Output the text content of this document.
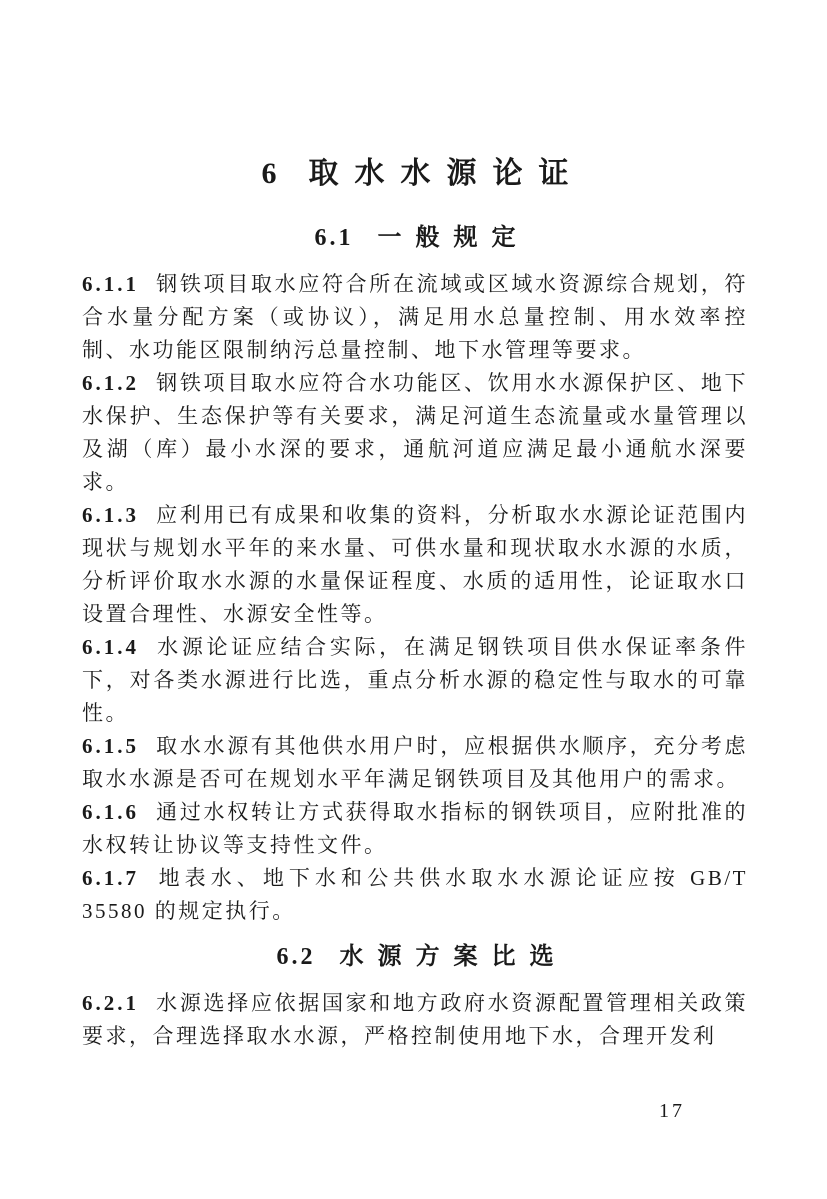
6 取水水源论证
6.1 一般规定

6.1.1 钢铁项目取水应符合所在流域或区域水资源综合规划，符合水量分配方案（或协议），满足用水总量控制、用水效率控制、水功能区限制纳污总量控制、地下水管理等要求。

6.1.2 钢铁项目取水应符合水功能区、饮用水水源保护区、地下水保护、生态保护等有关要求，满足河道生态流量或水量管理以及湖（库）最小水深的要求，通航河道应满足最小通航水深要求。

6.1.3 应利用已有成果和收集的资料，分析取水水源论证范围内现状与规划水平年的来水量、可供水量和现状取水水源的水质，分析评价取水水源的水量保证程度、水质的适用性，论证取水口设置合理性、水源安全性等。

6.1.4 水源论证应结合实际，在满足钢铁项目供水保证率条件下，对各类水源进行比选，重点分析水源的稳定性与取水的可靠性。

6.1.5 取水水源有其他供水用户时，应根据供水顺序，充分考虑取水水源是否可在规划水平年满足钢铁项目及其他用户的需求。

6.1.6 通过水权转让方式获得取水指标的钢铁项目，应附批准的水权转让协议等支持性文件。

6.1.7 地表水、地下水和公共供水取水水源论证应按 GB/T 35580 的规定执行。

6.2 水源方案比选

6.2.1 水源选择应依据国家和地方政府水资源配置管理相关政策要求，合理选择取水水源，严格控制使用地下水，合理开发利

17
